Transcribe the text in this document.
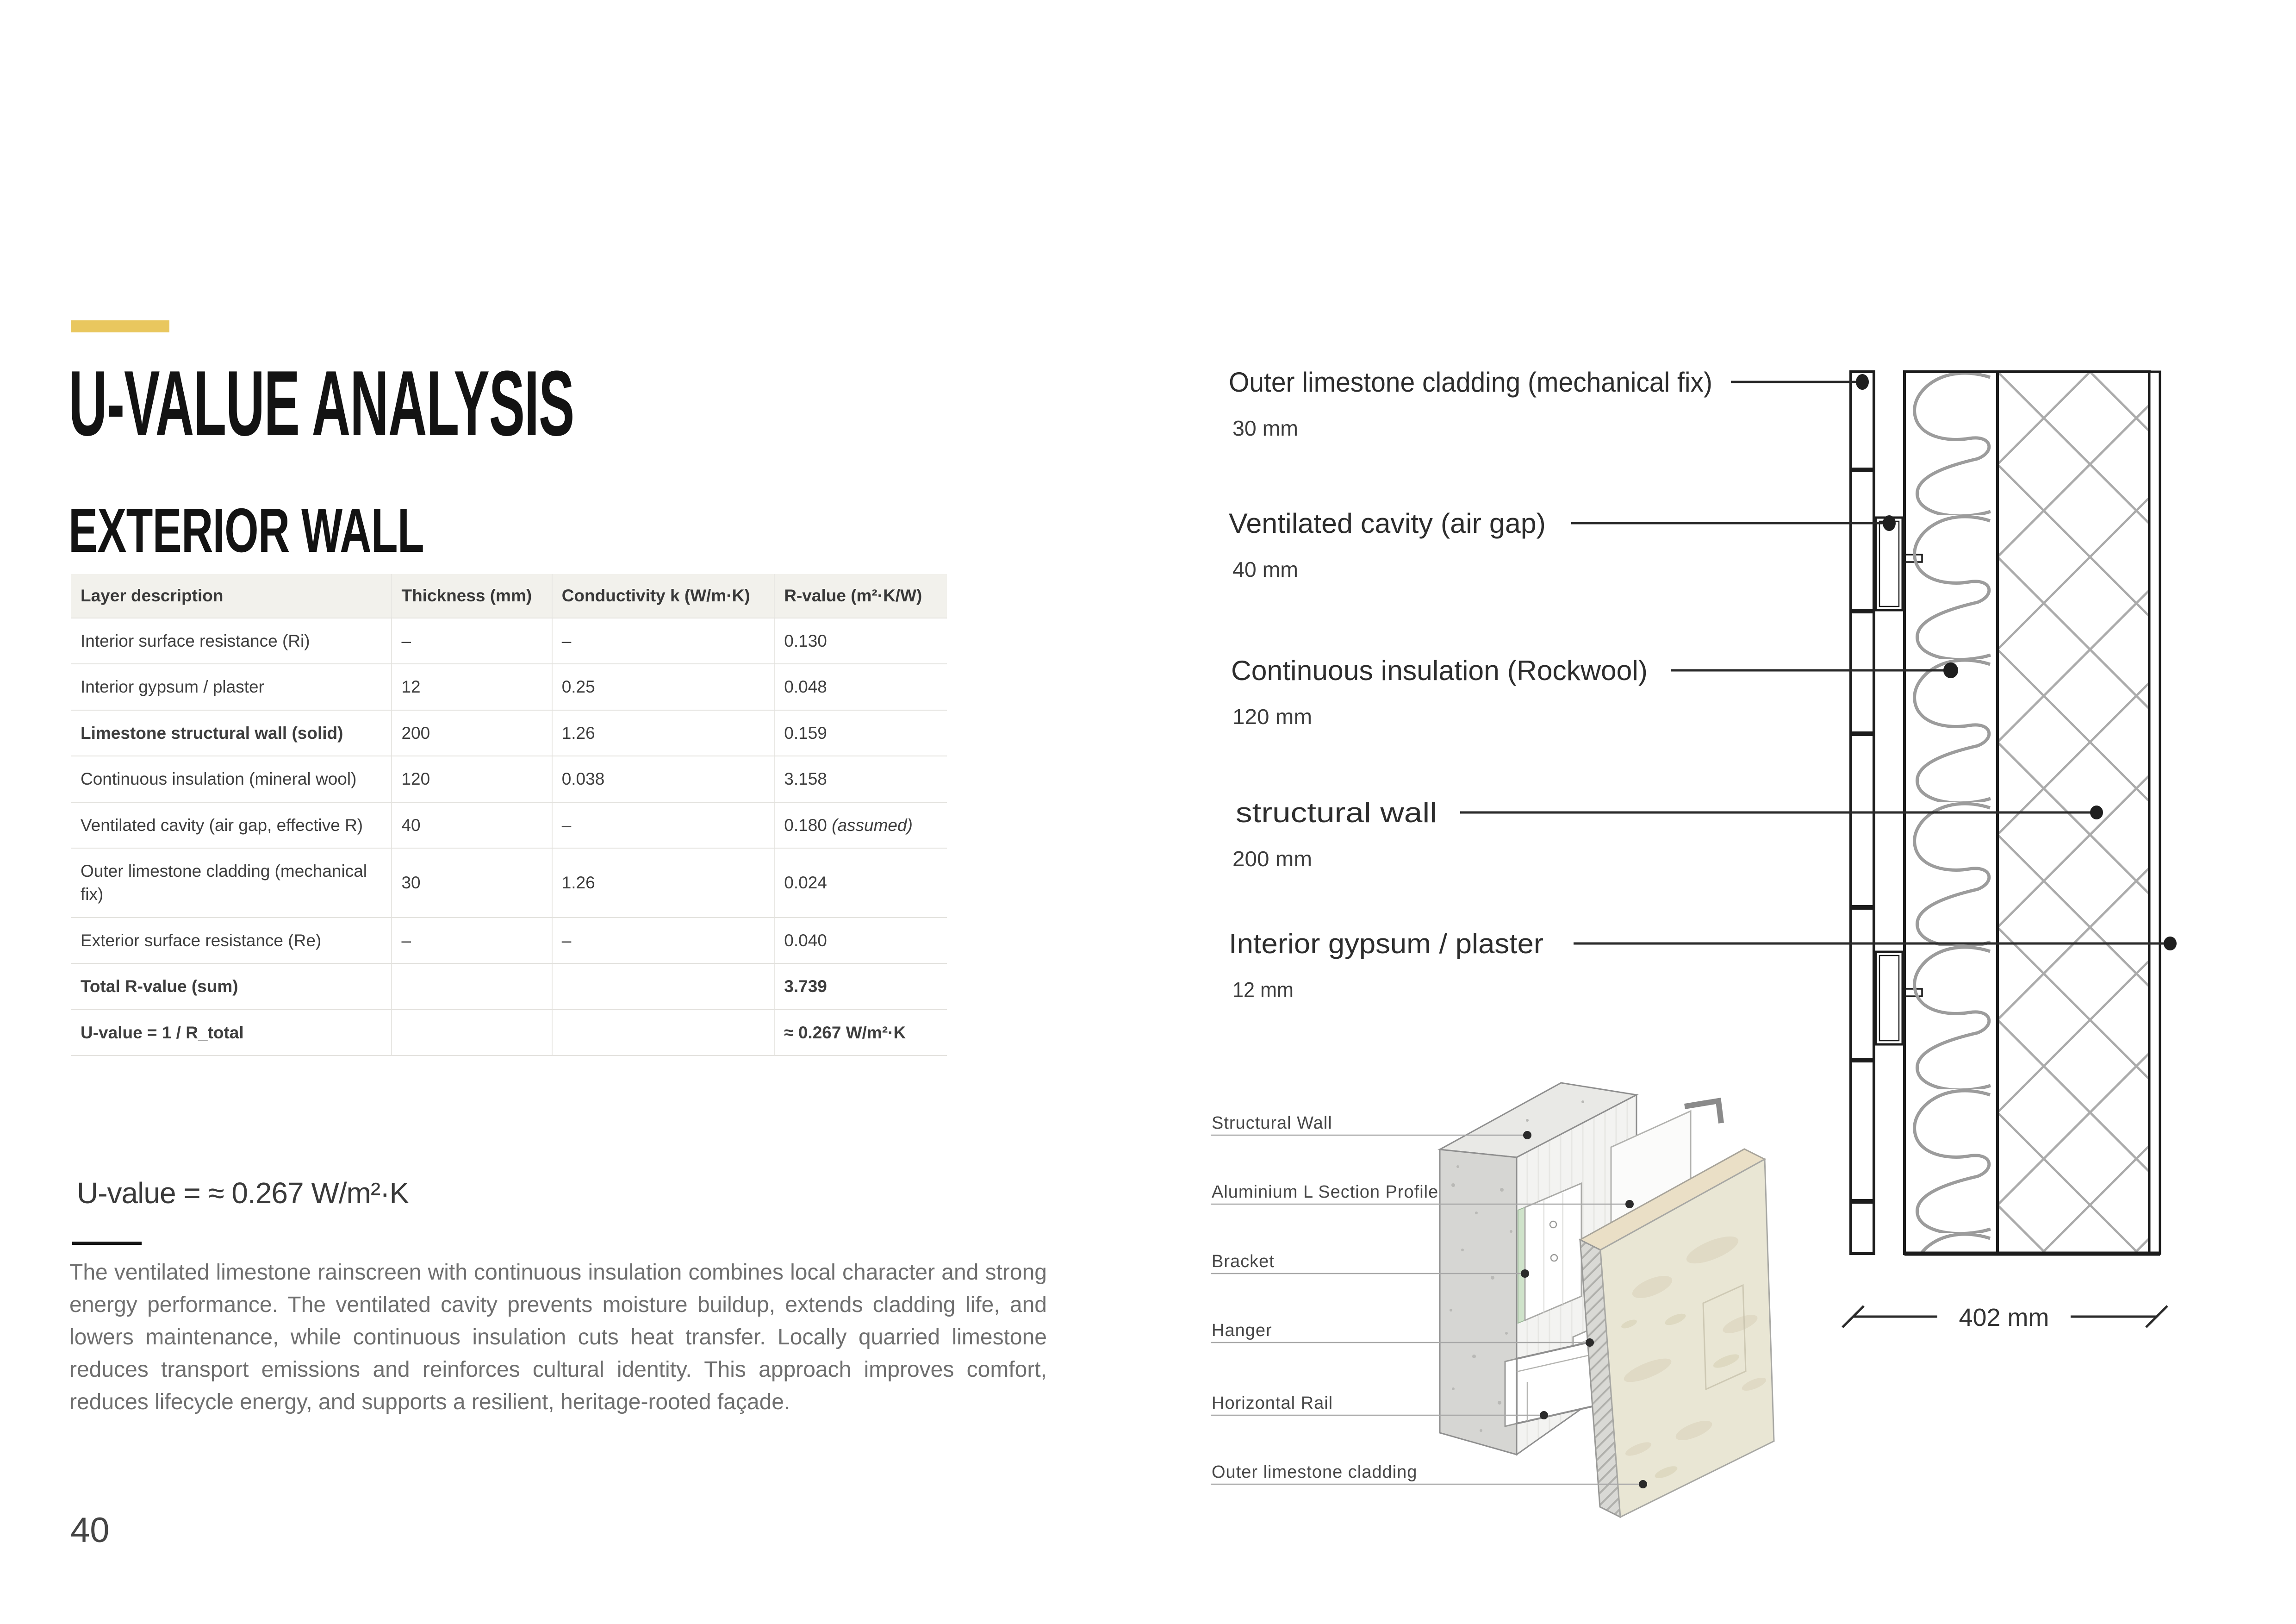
U-VALUE ANALYSIS
EXTERIOR WALL
Layer description	Thickness (mm)	Conductivity k (W/m·K)	R-value (m²·K/W)
Interior surface resistance (Ri)	–	–	0.130
Interior gypsum / plaster	12	0.25	0.048
Limestone structural wall (solid)	200	1.26	0.159
Continuous insulation (mineral wool)	120	0.038	3.158
Ventilated cavity (air gap, effective R)	40	–	0.180 (assumed)
Outer limestone cladding (mechanical fix)	30	1.26	0.024
Exterior surface resistance (Re)	–	–	0.040
Total R-value (sum)			3.739
U-value = 1 / R_total			≈ 0.267 W/m²·K
U-value = ≈ 0.267 W/m²·K

The ventilated limestone rainscreen with continuous insulation combines local character and strong energy performance. The ventilated cavity prevents moisture buildup, extends cladding life, and lowers maintenance, while continuous insulation cuts heat transfer. Locally quarried limestone reduces transport emissions and reinforces cultural identity. This approach improves comfort, reduces lifecycle energy, and supports a resilient, heritage-rooted façade.

40
Outer limestone cladding (mechanical fix)
30 mm
Ventilated cavity (air gap)
40 mm
Continuous insulation (Rockwool)
120 mm
structural wall
200 mm
Interior gypsum / plaster
12 mm
402 mm
Structural Wall
Aluminium L Section Profile
Bracket
Hanger
Horizontal Rail
Outer limestone cladding
